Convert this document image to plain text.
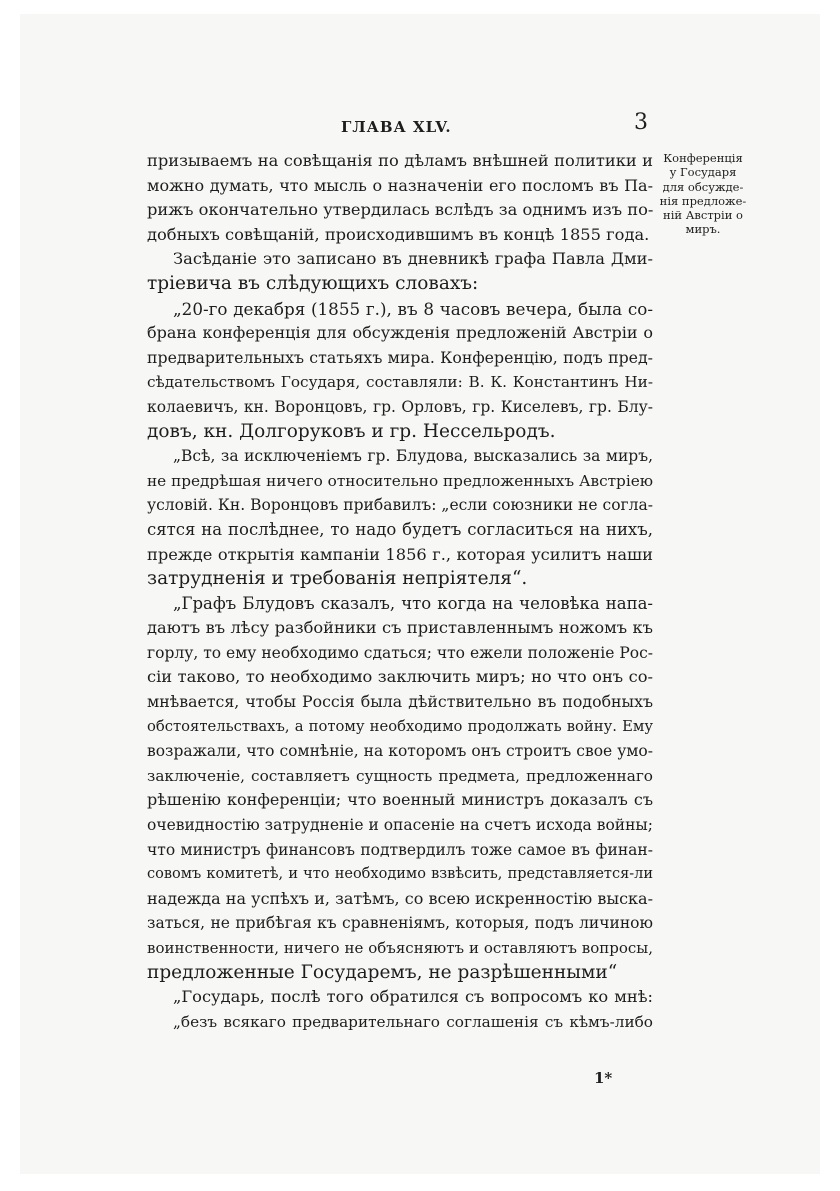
ГЛАВА XLV.	3
Конференція
у Государя
для обсужде-
нія предложе-
ній Австріи о
миръ.
призываемъ на совѣщанія по дѣламъ внѣшней политики и
можно думать, что мысль о назначеніи его посломъ въ Па-
рижъ окончательно утвердилась вслѣдъ за однимъ изъ по-
добныхъ совѣщаній, происходившимъ въ концѣ 1855 года.
Засѣданіе это записано въ дневникѣ графа Павла Дми-
тріевича въ слѣдующихъ словахъ:
„20-го декабря (1855 г.), въ 8 часовъ вечера, была со-
брана конференція для обсужденія предложеній Австріи о
предварительныхъ статьяхъ мира. Конференцію, подъ пред-
сѣдательствомъ Государя, составляли: В. К. Константинъ Ни-
колаевичъ, кн. Воронцовъ, гр. Орловъ, гр. Киселевъ, гр. Блу-
довъ, кн. Долгоруковъ и гр. Нессельродъ.
„Всѣ, за исключеніемъ гр. Блудова, высказались за миръ,
не предрѣшая ничего относительно предложенныхъ Австріею
условій. Кн. Воронцовъ прибавилъ: „если союзники не согла-
сятся на послѣднее, то надо будетъ согласиться на нихъ,
прежде открытія кампаніи 1856 г., которая усилитъ наши
затрудненія и требованія непріятеля“.
„Графъ Блудовъ сказалъ, что когда на человѣка напа-
даютъ въ лѣсу разбойники съ приставленнымъ ножомъ къ
горлу, то ему необходимо сдаться; что ежели положеніе Рос-
сіи таково, то необходимо заключить миръ; но что онъ со-
мнѣвается, чтобы Россія была дѣйствительно въ подобныхъ
обстоятельствахъ, а потому необходимо продолжать войну. Ему
возражали, что сомнѣніе, на которомъ онъ строитъ свое умо-
заключеніе, составляетъ сущность предмета, предложеннаго
рѣшенію конференціи; что военный министръ доказалъ съ
очевидностію затрудненіе и опасеніе на счетъ исхода войны;
что министръ финансовъ подтвердилъ тоже самое въ финан-
совомъ комитетѣ, и что необходимо взвѣсить, представляется-ли
надежда на успѣхъ и, затѣмъ, со всею искренностію выска-
заться, не прибѣгая къ сравненіямъ, которыя, подъ личиною
воинственности, ничего не объясняютъ и оставляютъ вопросы,
предложенные Государемъ, не разрѣшенными“
„Государь, послѣ того обратился съ вопросомъ ко мнѣ:
„безъ всякаго предварительнаго соглашенія съ кѣмъ-либо
1*
